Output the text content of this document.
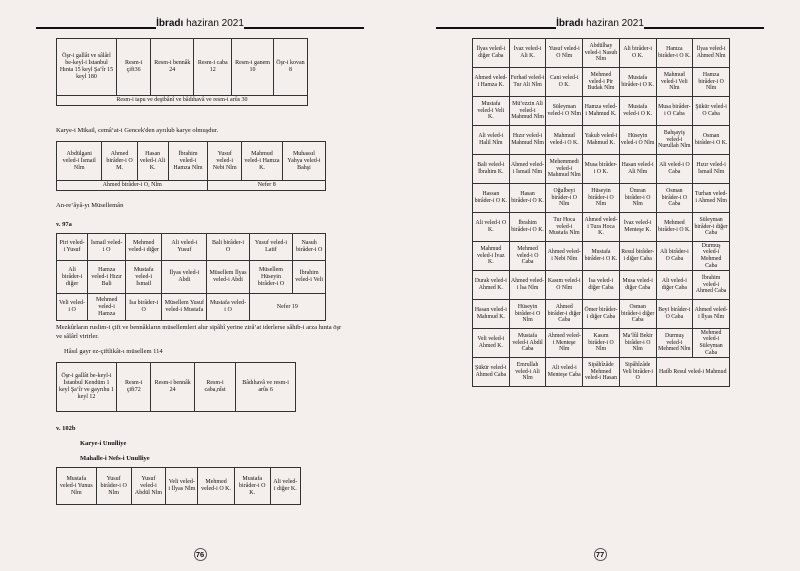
İbradı haziran 2021
Öşr-i gallât ve sâlârî be-keyl-i İstanbul Hınta 15 keyl Şa‘îr 15 keyl 180	Resm-i çift36	Resm-i bennâk 24	Resm-i caba 12	Resm-i ganem 10	Öşr-i kovan 8
Resm-i tapu ve deştbânî ve bâdıhavâ ve resm-i arûs 30

Karye-i Mikail, cemâ‘at-i Gencek'den ayrılub karye olmuşdur.

Abdülgani veled-i İsmail Nlm	Ahmed birâder-i O M.	Hasan veled-i Ali K.	İbrahim veled-i Hamza Nlm	Yusuf veled-i Nebi Nlm	Mahmud veled-i Hamza K.	Muhassıl Yahya veled-i Bahşi
Ahmed birâder-i O, Nlm				Nefer 8		

An-re‘âyâ-yı Müsellemân

v. 97a

Piri veled-i Yusuf	İsmail veled-i O	Mehmed veled-i diğer	Ali veled-i Yusuf	Bali birâder-i O	Yusuf veled-i Latif	Nasuh birâder-i O
Ali birâder-i diğer	Hamza veled-i Hızır Bali	Mustafa veled-i İsmail	İlyas veled-i Abdi	Müsellem İlyas veled-i Abdi	Müsellem Hüseyin birâder-i O	İbrahim veled-i Veli
Veli veled-i O	Mehmed veled-i Hamza	İsa birâder-i O	Müsellem Yusuf veled-i Mustafa	Mustafa veled-i O	Nefer 19	

Mezkûrların ruslim-i çift ve bennâkların müsellemleri alur sipâhî yerine zirâ‘at iderlerse sâhib-i arza hınta öşr ve sâlârî virirler.

Hâsıl gayr ez-çiftlikât-ı müsellem 114

Öşr-i gallât be-keyl-i İstanbul Kendüm 1 keyl Şa‘îr ve gayrıhu 1 keyl 12	Resm-i çift72	Resm-i bennâk 24	Resm-i caba,nîst	Bâdıhavâ ve resm-i arûs 6

v. 102b

Karye-i Unulliye

Mahalle-i Nefs-i Unulliye

Mustafa veled-i Yunus Nlm	Yusuf birâder-i O Nlm	Yusuf veled-i Abdül Nlm	Veli veled-i İlyas Nlm	Mehmed veled-i O K.	Mustafa birâder-i O K.	Ali veled-i diğer K.
76
İbradı haziran 2021
77
İlyas veled-i diğer Caba	İvaz veled-i Ali K.	Yusuf veled-i O Nlm	Abdülhay veled-i Nasuh Nlm	Ali birâder-i O K.	Hamza birâder-i O K.	İlyas veled-i Ahmed Nlm
Ahmed veled-i Hamza K.	Ferhad veled-i Tur Ali Nlm	Cani veled-i O K.	Mehmed veled-i Pir Budak Nlm	Mustafa birâder-i O K.	Mahmud veled-i Veli Nlm	Hamza birâder-i O Nlm
Mustafa veled-i Veli K.	Mü‘ezzin Ali veled-i Mahmud Nlm	Süleyman veled-i O Nlm	Hamza veled-i Mahmud K.	Mustafa veled-i O K.	Musa birâder-i O Caba	Şükür veled-i O Caba
Ali veled-i Halil Nlm	Hızır veled-i Mahmud Nlm	Mahmud veled-i O K.	Yakub veled-i Mahmud K.	Hüseyin veled-i O Nlm	Bahşayiş veled-i Nurullah Nlm	Osman birâder-i O K.
Bali veled-i İbrahim K.	Ahmed veled-i İsmail Nlm	Mehemmedi veled-i Mahmud Nlm	Musa birâder-i O K.	Hasan veled-i Ali Nlm	Ali veled-i O Caba	Hızır veled-i İsmail Nlm
Hassan birâder-i O K.	Hasan birâder-i O K.	Oğulbeyi birâder-i O Nlm	Hüseyin birâder-i O Nlm	Ümran birâder-i O Nlm	Osman birâder-i O Caba	Turhan veled-i Ahmed Nlm
Ali veled-i O K.	İbrahim birâder-i O K.	Tur Hoca veled-i Mustafa Nlm	Ahmed veled-i Tura Hoca K.	İvaz veled-i Menteşe K.	Mehmed birâder-i O K.	Süleyman birâder-i diğer Caba
Mahmud veled-i İvaz K.	Mehmed veled-i O Caba	Ahmed veled-i Nebi Nlm	Mustafa birâder-i O K.	Resul birâder-i diğer Caba	Ali birâder-i O Caba	Durmuş veled-i Mehmed Caba
Durak veled-i Ahmed K.	Ahmed veled-i İsa Nlm	Kasım veled-i O Nlm	İsa veled-i diğer Caba	Musa veled-i diğer Caba	Ali veled-i diğer Caba	İbrahim veled-i Ahmed Caba
Hasan veled-i Mahmud K.	Hüseyin birâder-i O Nlm	Ahmed birâder-i diğer Caba	Ömer birâder-i diğer Caba	Osman birâder-i diğer Caba	Beyi birâder-i O Caba	Ahmed veled-i İlyas Nlm
Veli veled-i Ahmed K.	Mustafa veled-i Abdil Caba	Ahmed veled-i Menteşe Nlm	Kasım birâder-i O Nlm	Ma‘lûl Bekir birâder-i O Nlm	Durmuş veled-i Mehmed Nlm	Mehmed veled-i Süleyman Caba
Şükür veled-i Ahmed Caba	Emrullah veled-i Ali Nlm	Ali veled-i Menteşe Caba	Sipâhîzâde Mehmed veled-i Hasan	Sipâhîzâde Veli birâder-i O	Hatîb Resul veled-i Mahmud	
